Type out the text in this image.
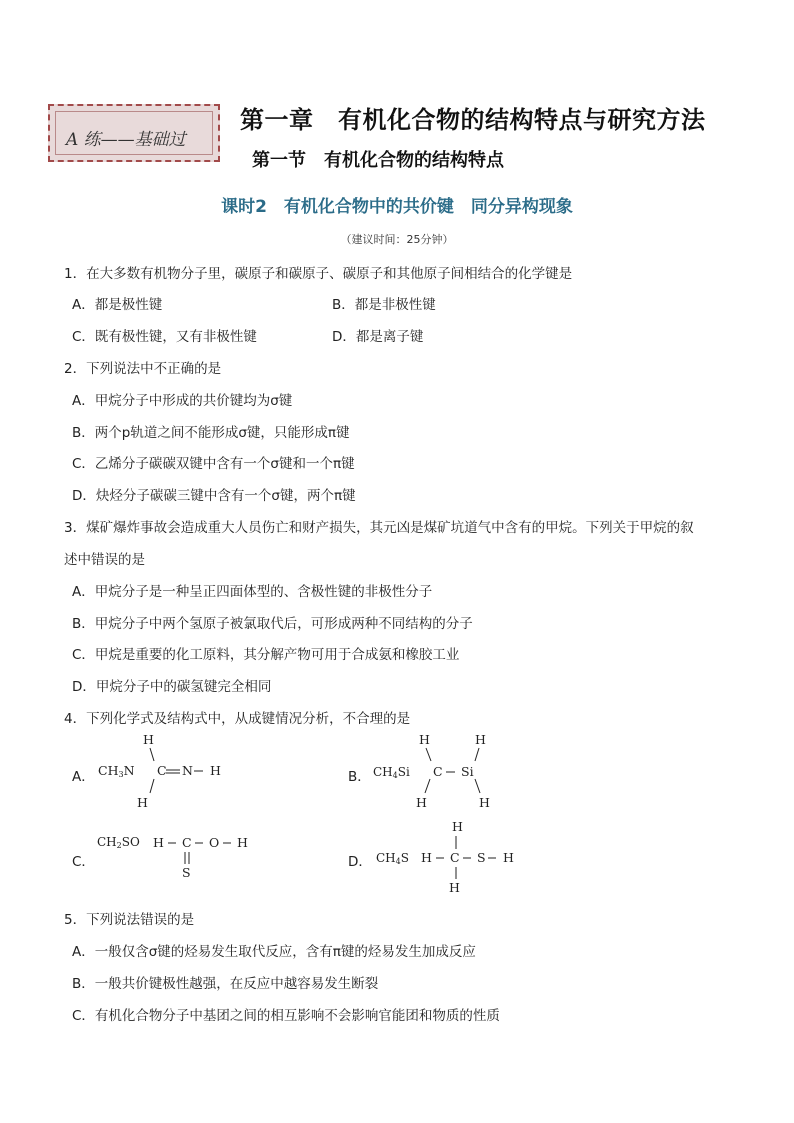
A 练——基础过
第一章　有机化合物的结构特点与研究方法
第一节　有机化合物的结构特点
课时2　有机化合物中的共价键　同分异构现象
（建议时间：25分钟）
1．在大多数有机物分子里，碳原子和碳原子、碳原子和其他原子间相结合的化学键是
A．都是极性键	B．都是非极性键
C．既有极性键，又有非极性键	D．都是离子键
2．下列说法中不正确的是
A．甲烷分子中形成的共价键均为σ键
B．两个p轨道之间不能形成σ键，只能形成π键
C．乙烯分子碳碳双键中含有一个σ键和一个π键
D．炔烃分子碳碳三键中含有一个σ键，两个π键
3．煤矿爆炸事故会造成重大人员伤亡和财产损失，其元凶是煤矿坑道气中含有的甲烷。下列关于甲烷的叙
述中错误的是
A．甲烷分子是一种呈正四面体型的、含极性键的非极性分子
B．甲烷分子中两个氢原子被氯取代后，可形成两种不同结构的分子
C．甲烷是重要的化工原料，其分解产物可用于合成氨和橡胶工业
D．甲烷分子中的碳氢键完全相同
4．下列化学式及结构式中，从成键情况分析，不合理的是
A． $CH_3N$
H
H
C N H	B． $CH_4Si$
H	H
C Si
H	H
C．
$CH_2SO$ H C O H
S
D． $CH_4S$
H
H C S H
H
5．下列说法错误的是
A．一般仅含σ键的烃易发生取代反应，含有π键的烃易发生加成反应
B．一般共价键极性越强，在反应中越容易发生断裂
C．有机化合物分子中基团之间的相互影响不会影响官能团和物质的性质
